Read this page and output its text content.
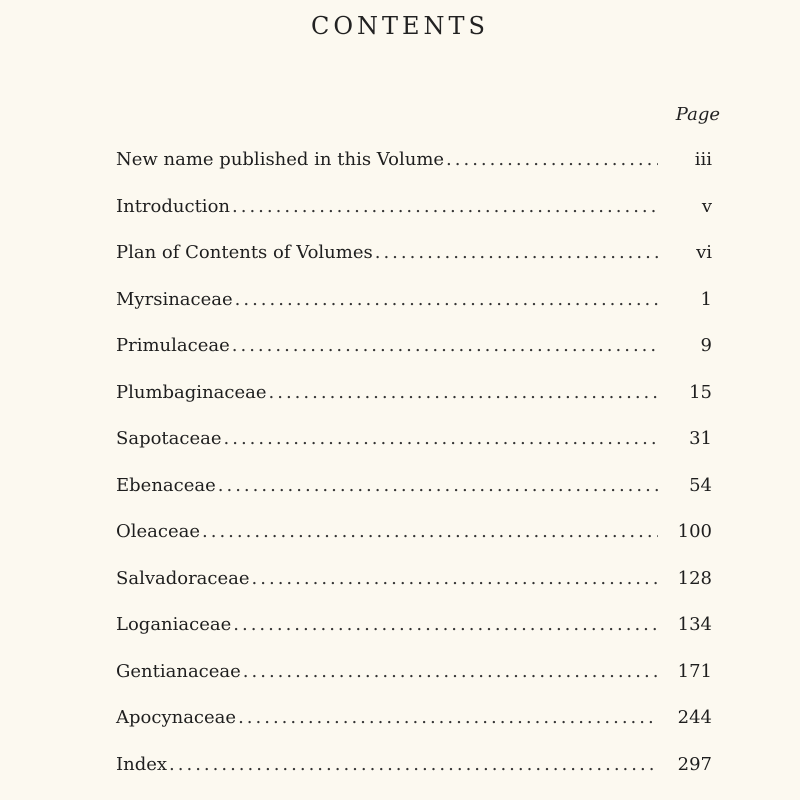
CONTENTS
Page
New name published in this Volume .....	iii
Introduction .....	v
Plan of Contents of Volumes .....	vi
Myrsinaceae .....	1
Primulaceae .....	9
Plumbaginaceae .....	15
Sapotaceae .....	31
Ebenaceae .....	54
Oleaceae .....	100
Salvadoraceae .....	128
Loganiaceae .....	134
Gentianaceae .....	171
Apocynaceae .....	244
Index .....	297
